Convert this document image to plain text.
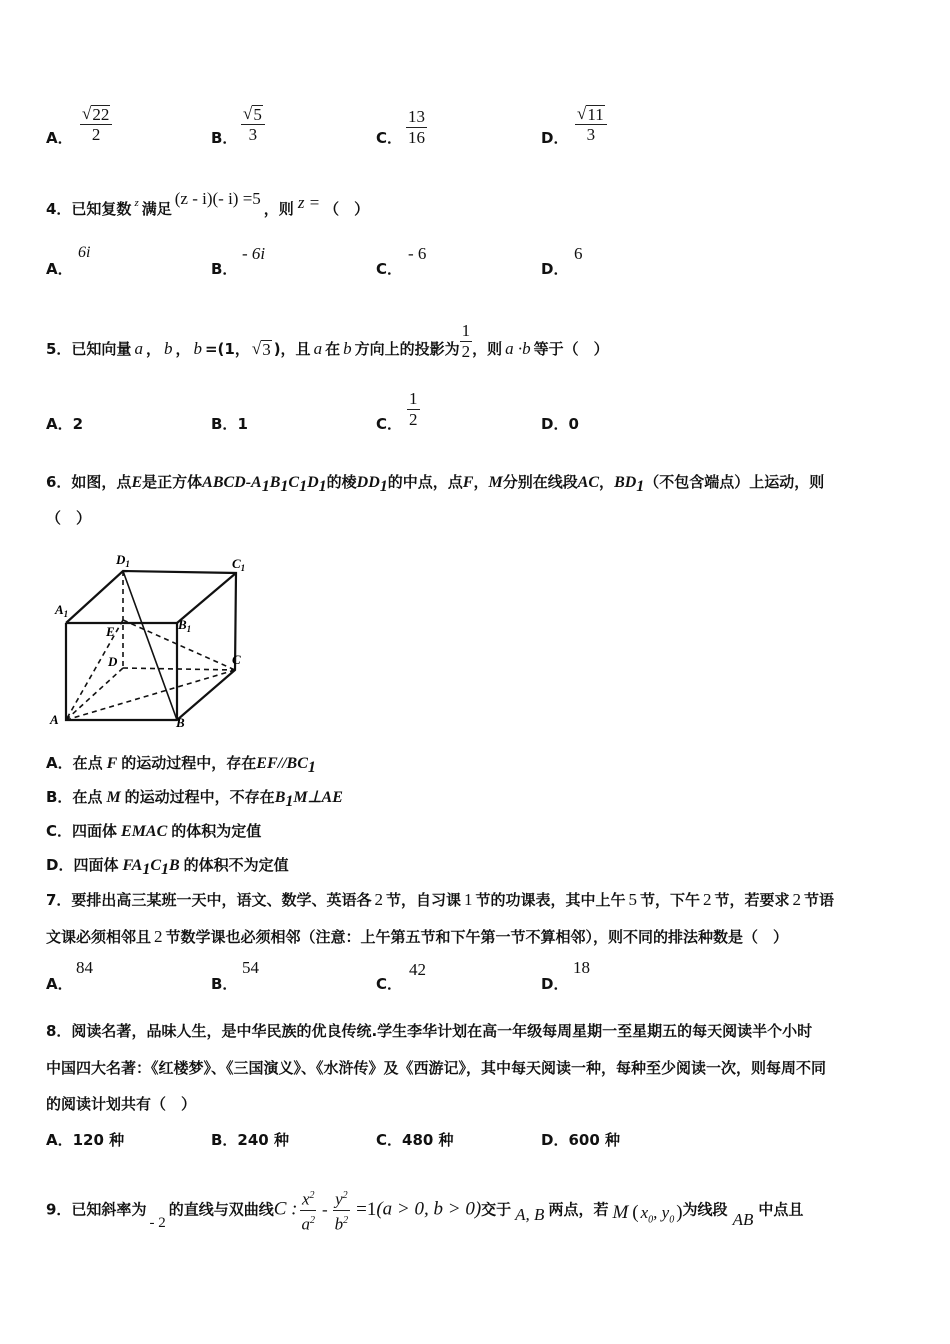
A． $\frac{√ 22}{2}$	B． $\frac{√ 5}{3}$	C． $\frac{13}{16}$	D． $\frac{√ 11}{3}$
4．已知复数 $^z$ 满足(z - i)(- i) =5，则 z = （　）
A．
6i
B．
- 6i
C．
- 6
D．
6
5．已知向量 a ， b ， b =(1， √ 3 )，且 a 在 b 方向上的投影为 $\frac{1}{2}$ ，则 a ·b 等于（　）
A．2	B．1	C． $\frac{1}{2}$	D．0
6．如图，点E是正方体ABCD-$A_1B_1C_1D_1$的棱$DD_1$的中点，点F，M分别在线段AC，$BD_1$（不包含端点）上运动，则
（　）
$D_1$	$C_1$
$A_1$
$B_1$
E
D	C
A	B
A．在点 F 的运动过程中，存在$EF//BC_1$
B．在点 M 的运动过程中，不存在$B_1M\perp AE$
C．四面体 EMAC 的体积为定值
D．四面体 $FA_1C_1B$ 的体积不为定值
7．要排出高三某班一天中，语文、数学、英语各 2 节，自习课 1 节的功课表，其中上午 5 节，下午 2 节，若要求 2 节语
文课必须相邻且 2 节数学课也必须相邻（注意：上午第五节和下午第一节不算相邻），则不同的排法种数是（　）
A．
84
B．
54
C．
42
D．
18
8．阅读名著，品味人生，是中华民族的优良传统.学生李华计划在高一年级每周星期一至星期五的每天阅读半个小时
中国四大名著：《红楼梦》、《三国演义》、《水浒传》及《西游记》，其中每天阅读一种，每种至少阅读一次，则每周不同
的阅读计划共有（　）
A．120 种	B．240 种	C．480 种	D．600 种
9．已知斜率为- 2的直线与双曲线C : $\frac{x^2}{a^2} - \frac{y^2}{b^2} =1(a > 0$, b > 0)交于 A, B 两点，若 M ( $x_0$, $y_0$ )为线段 AB 中点且
